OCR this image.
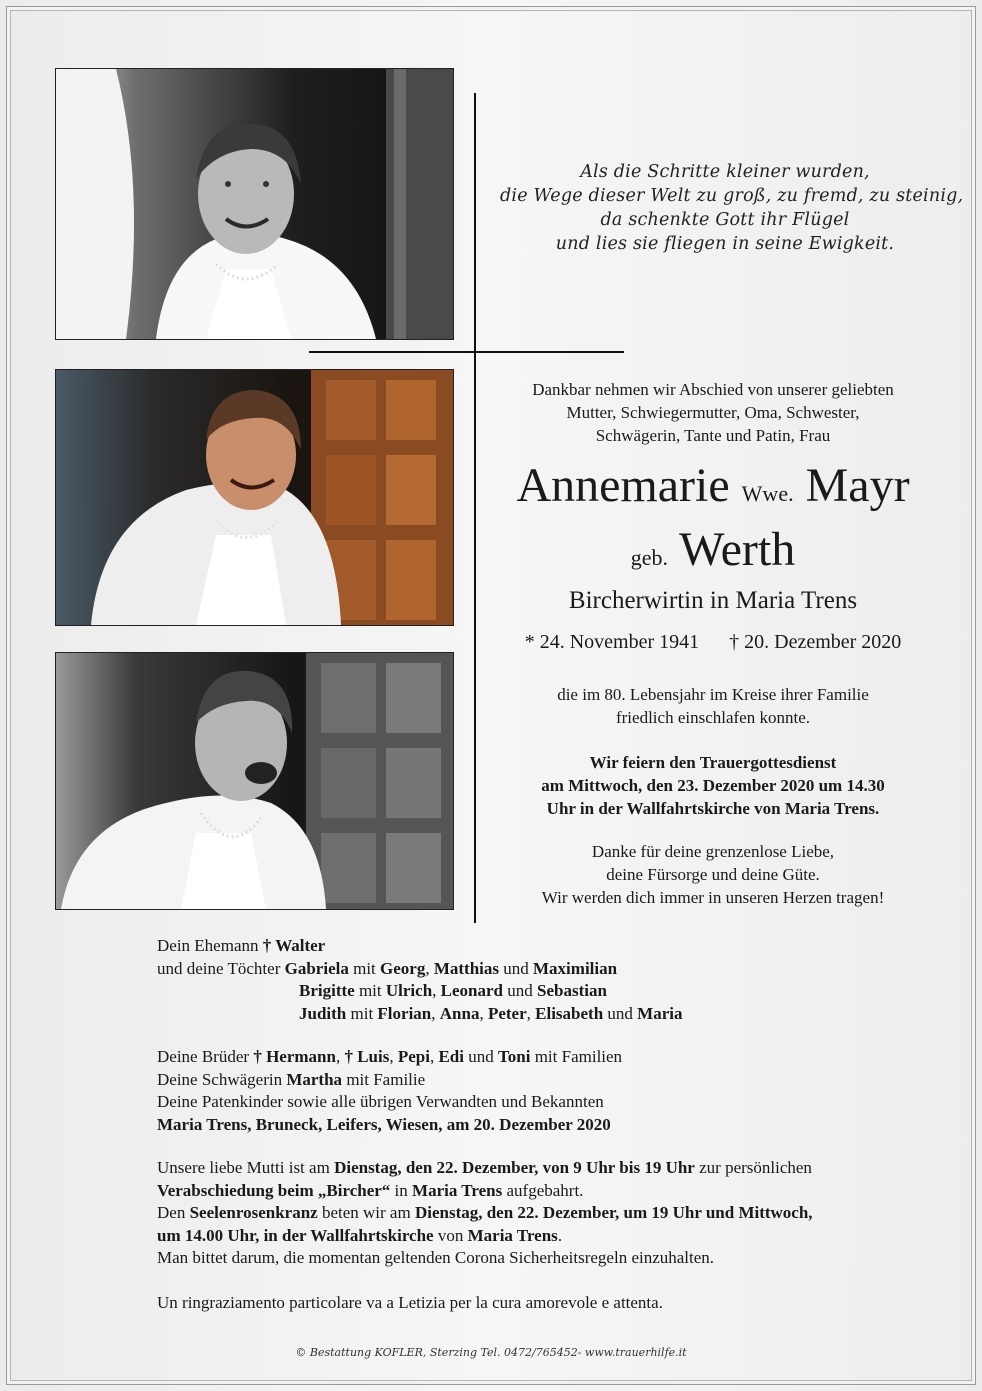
Als die Schritte kleiner wurden,
die Wege dieser Welt zu groß, zu fremd, zu steinig,
da schenkte Gott ihr Flügel
und lies sie fliegen in seine Ewigkeit.
Dankbar nehmen wir Abschied von unserer geliebten
Mutter, Schwiegermutter, Oma, Schwester,
Schwägerin, Tante und Patin, Frau
Annemarie Wwe. Mayr
geb. Werth
Bircherwirtin in Maria Trens
* 24. November 1941 † 20. Dezember 2020
die im 80. Lebensjahr im Kreise ihrer Familie
friedlich einschlafen konnte.
Wir feiern den Trauergottesdienst
am Mittwoch, den 23. Dezember 2020 um 14.30
Uhr in der Wallfahrtskirche von Maria Trens.
Danke für deine grenzenlose Liebe,
deine Fürsorge und deine Güte.
Wir werden dich immer in unseren Herzen tragen!
Dein Ehemann † Walter
und deine Töchter Gabriela mit Georg, Matthias und Maximilian
Brigitte mit Ulrich, Leonard und Sebastian
Judith mit Florian, Anna, Peter, Elisabeth und Maria
Deine Brüder † Hermann, † Luis, Pepi, Edi und Toni mit Familien
Deine Schwägerin Martha mit Familie
Deine Patenkinder sowie alle übrigen Verwandten und Bekannten
Maria Trens, Bruneck, Leifers, Wiesen, am 20. Dezember 2020
Unsere liebe Mutti ist am Dienstag, den 22. Dezember, von 9 Uhr bis 19 Uhr zur persönlichen
Verabschiedung beim „Bircher“ in Maria Trens aufgebahrt.
Den Seelenrosenkranz beten wir am Dienstag, den 22. Dezember, um 19 Uhr und Mittwoch,
um 14.00 Uhr, in der Wallfahrtskirche von Maria Trens.
Man bittet darum, die momentan geltenden Corona Sicherheitsregeln einzuhalten.
Un ringraziamento particolare va a Letizia per la cura amorevole e attenta.
© Bestattung KOFLER, Sterzing Tel. 0472/765452- www.trauerhilfe.it
